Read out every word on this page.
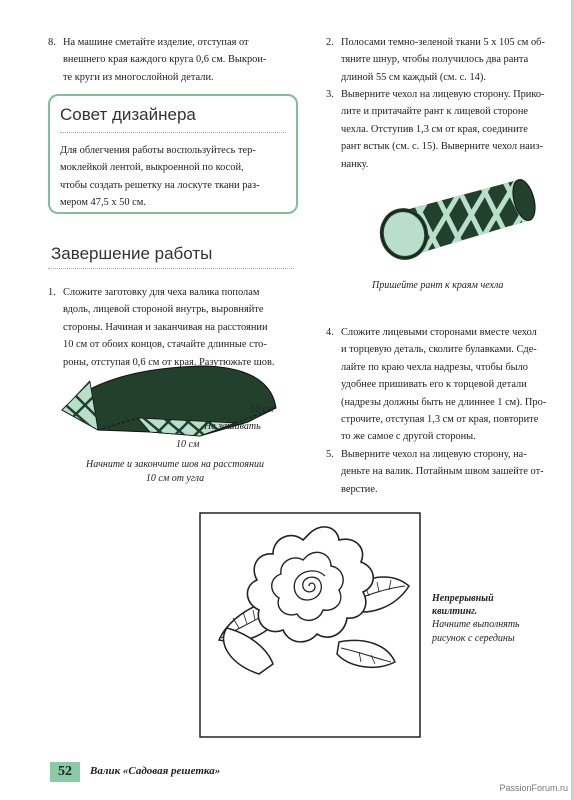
8. На машине сметайте изделие, отступая от
внешнего края каждого круга 0,6 см. Выкрои-
те круги из многослойной детали.
Совет дизайнера
Для облегчения работы воспользуйтесь тер-
моклейкой лентой, выкроенной по косой,
чтобы создать решетку на лоскуте ткани раз-
мером 47,5 x 50 см.
Завершение работы
1. Сложите заготовку для чеха валика пополам
вдоль, лицевой стороной внутрь, выровняйте
стороны. Начиная и заканчивая на расстоянии
10 см от обоих концов, стачайте длинные сто-
роны, отступая 0,6 см от края. Разутюжьте шов.
10 см
Не зашивать
10 см
Начните и закончите шов на расстоянии
10 см от угла
2. Полосами темно-зеленой ткани 5 x 105 см об-
тяните шнур, чтобы получилось два ранта
длиной 55 см каждый (см. с. 14).
3. Выверните чехол на лицевую сторону. Прико-
лите и притачайте рант к лицевой стороне
чехла. Отступив 1,3 см от края, соедините
рант встык (см. с. 15). Выверните чехол наиз-
нанку.
Пришейте рант к краям чехла
4. Сложите лицевыми сторонами вместе чехол
и торцевую деталь, сколите булавками. Сде-
лайте по краю чехла надрезы, чтобы было
удобнее пришивать его к торцевой детали
(надрезы должны быть не длиннее 1 см). Про-
строчите, отступая 1,3 см от края, повторите
то же самое с другой стороны.
5. Выверните чехол на лицевую сторону, на-
деньте на валик. Потайным швом зашейте от-
верстие.
Непрерывный
квилтинг.
Начните выполнять
рисунок с середины
52	Валик «Садовая решетка»
PassionForum.ru
